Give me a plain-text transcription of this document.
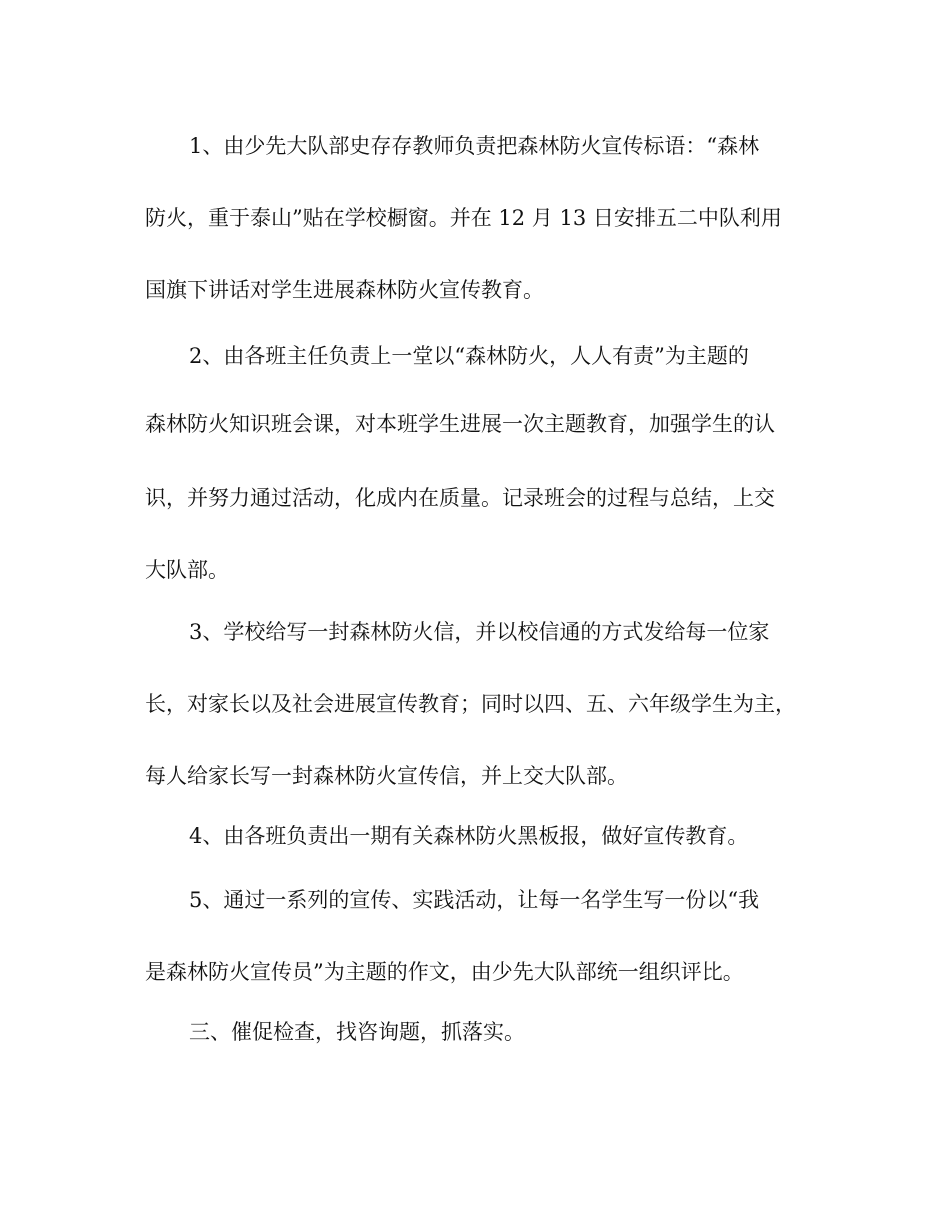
1、由少先大队部史存存教师负责把森林防火宣传标语：“森林
防火，重于泰山”贴在学校橱窗。并在 12 月 13 日安排五二中队利用
国旗下讲话对学生进展森林防火宣传教育。
2、由各班主任负责上一堂以“森林防火，人人有责”为主题的
森林防火知识班会课，对本班学生进展一次主题教育，加强学生的认
识，并努力通过活动，化成内在质量。记录班会的过程与总结，上交
大队部。
3、学校给写一封森林防火信，并以校信通的方式发给每一位家
长，对家长以及社会进展宣传教育；同时以四、五、六年级学生为主，
每人给家长写一封森林防火宣传信，并上交大队部。
4、由各班负责出一期有关森林防火黑板报，做好宣传教育。
5、通过一系列的宣传、实践活动，让每一名学生写一份以“我
是森林防火宣传员”为主题的作文，由少先大队部统一组织评比。
三、催促检查，找咨询题，抓落实。
